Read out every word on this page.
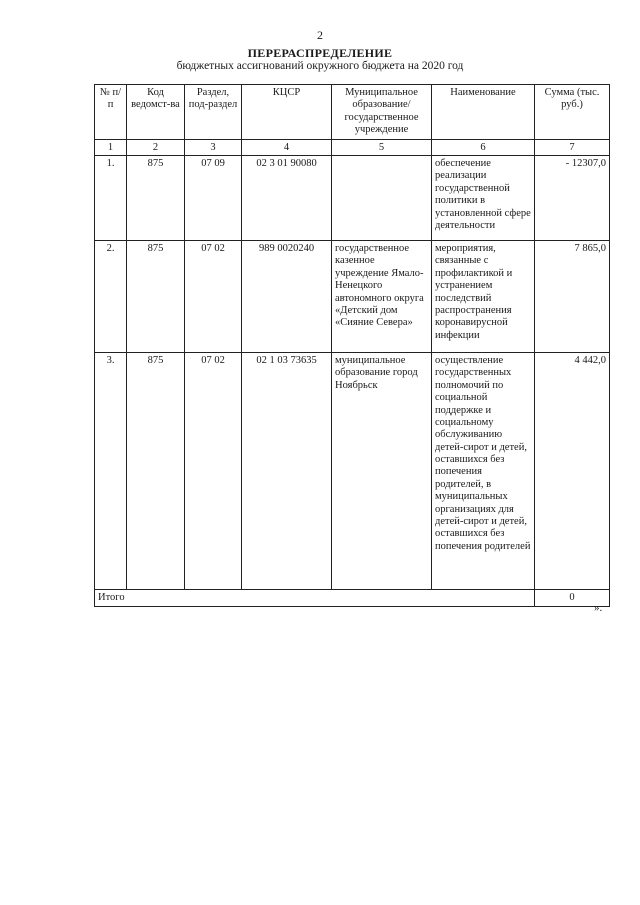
2
ПЕРЕРАСПРЕДЕЛЕНИЕ
бюджетных ассигнований окружного бюджета на 2020 год
№ п/п	Код ведомст-ва	Раздел, под-раздел	КЦСР	Муниципальное образование/ государственное учреждение	Наименование	Сумма (тыс. руб.)
1	2	3	4	5	6	7
1.	875	07 09	02 3 01 90080		обеспечение реализации государственной политики в установленной сфере деятельности	- 12307,0
2.	875	07 02	989 0020240	государственное казенное учреждение Ямало-Ненецкого автономного округа «Детский дом «Сияние Севера»	мероприятия, связанные с профилактикой и устранением последствий распространения коронавирусной инфекции	7 865,0
3.	875	07 02	02 1 03 73635	муниципальное образование город Ноябрьск	осуществление государственных полномочий по социальной поддержке и социальному обслуживанию детей-сирот и детей, оставшихся без попечения родителей, в муниципальных организациях для детей-сирот и детей, оставшихся без попечения родителей	4 442,0
Итого						0
».
